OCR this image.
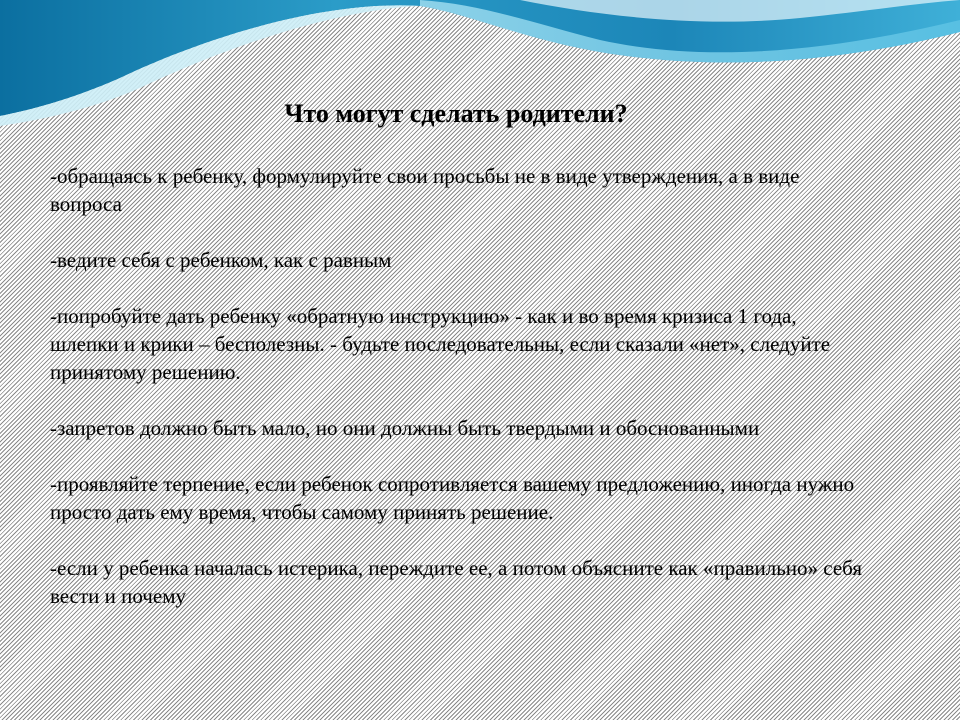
Что могут сделать родители?
-обращаясь к ребенку, формулируйте свои просьбы не в виде утверждения, а в виде вопроса
-ведите себя с ребенком, как с равным
-попробуйте дать ребенку «обратную инструкцию» - как и во время кризиса 1 года, шлепки и крики – бесполезны. - будьте последовательны, если сказали «нет», следуйте принятому решению.
-запретов должно быть мало, но они должны быть твердыми и обоснованными
-проявляйте терпение, если ребенок сопротивляется вашему предложению, иногда нужно просто дать ему время, чтобы самому принять решение.
-если у ребенка началась истерика, переждите ее, а потом объясните как «правильно» себя вести и почему
